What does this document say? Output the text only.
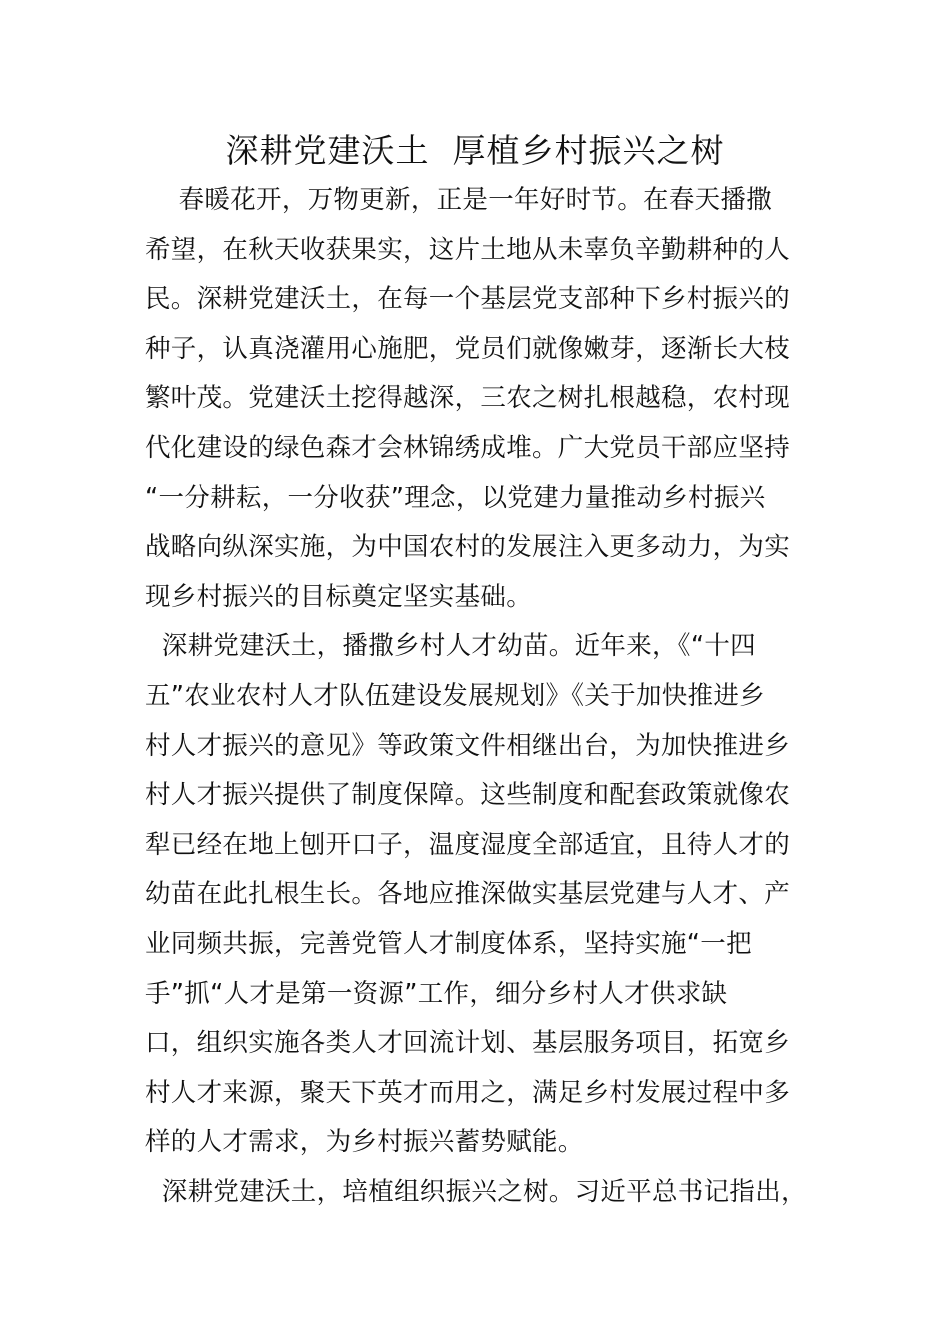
深耕党建沃土  厚植乡村振兴之树
春暖花开，万物更新，正是一年好时节。在春天播撒
希望，在秋天收获果实，这片土地从未辜负辛勤耕种的人
民。深耕党建沃土，在每一个基层党支部种下乡村振兴的
种子，认真浇灌用心施肥，党员们就像嫩芽，逐渐长大枝
繁叶茂。党建沃土挖得越深，三农之树扎根越稳，农村现
代化建设的绿色森才会林锦绣成堆。广大党员干部应坚持
“一分耕耘，一分收获”理念，以党建力量推动乡村振兴
战略向纵深实施，为中国农村的发展注入更多动力，为实
现乡村振兴的目标奠定坚实基础。
深耕党建沃土，播撒乡村人才幼苗。近年来，《“十四
五”农业农村人才队伍建设发展规划》《关于加快推进乡
村人才振兴的意见》等政策文件相继出台，为加快推进乡
村人才振兴提供了制度保障。这些制度和配套政策就像农
犁已经在地上刨开口子，温度湿度全部适宜，且待人才的
幼苗在此扎根生长。各地应推深做实基层党建与人才、产
业同频共振，完善党管人才制度体系，坚持实施“一把
手”抓“人才是第一资源”工作，细分乡村人才供求缺
口，组织实施各类人才回流计划、基层服务项目，拓宽乡
村人才来源，聚天下英才而用之，满足乡村发展过程中多
样的人才需求，为乡村振兴蓄势赋能。
深耕党建沃土，培植组织振兴之树。习近平总书记指出，
